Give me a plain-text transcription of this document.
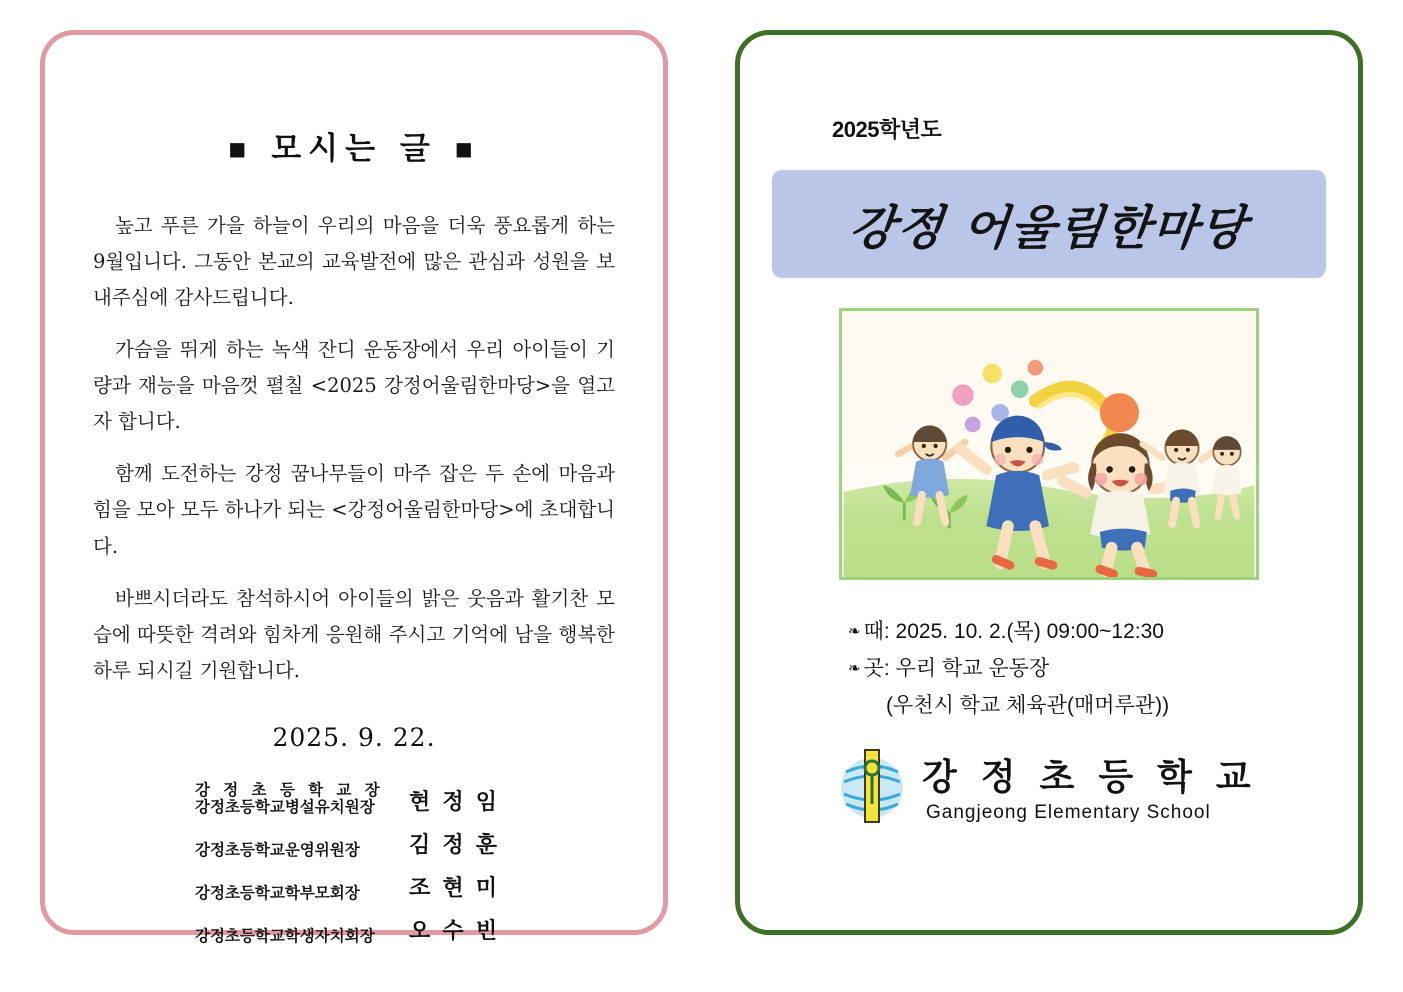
◼ 모시는 글 ◼

높고 푸른 가을 하늘이 우리의 마음을 더욱 풍요롭게 하는 9월입니다. 그동안 본교의 교육발전에 많은 관심과 성원을 보내주심에 감사드립니다.

가슴을 뛰게 하는 녹색 잔디 운동장에서 우리 아이들이 기량과 재능을 마음껏 펼칠 <2025 강정어울림한마당>을 열고자 합니다.

함께 도전하는 강정 꿈나무들이 마주 잡은 두 손에 마음과 힘을 모아 모두 하나가 되는 <강정어울림한마당>에 초대합니다.

바쁘시더라도 참석하시어 아이들의 밝은 웃음과 활기찬 모습에 따뜻한 격려와 힘차게 응원해 주시고 기억에 남을 행복한 하루 되시길 기원합니다.

2025. 9. 22.
강 정 초 등 학 교 장
강정초등학교병설유치원장	현 정 임
강정초등학교운영위원장	김 정 훈
강정초등학교학부모회장	조 현 미
강정초등학교학생자치회장	오 수 빈
2025학년도
강정 어울림한마당
❧ 때: 2025. 10. 2.(목) 09:00~12:30
❧ 곳: 우리 학교 운동장
(우천시 학교 체육관(매머루관))
강 정 초 등 학 교
Gangjeong Elementary School
